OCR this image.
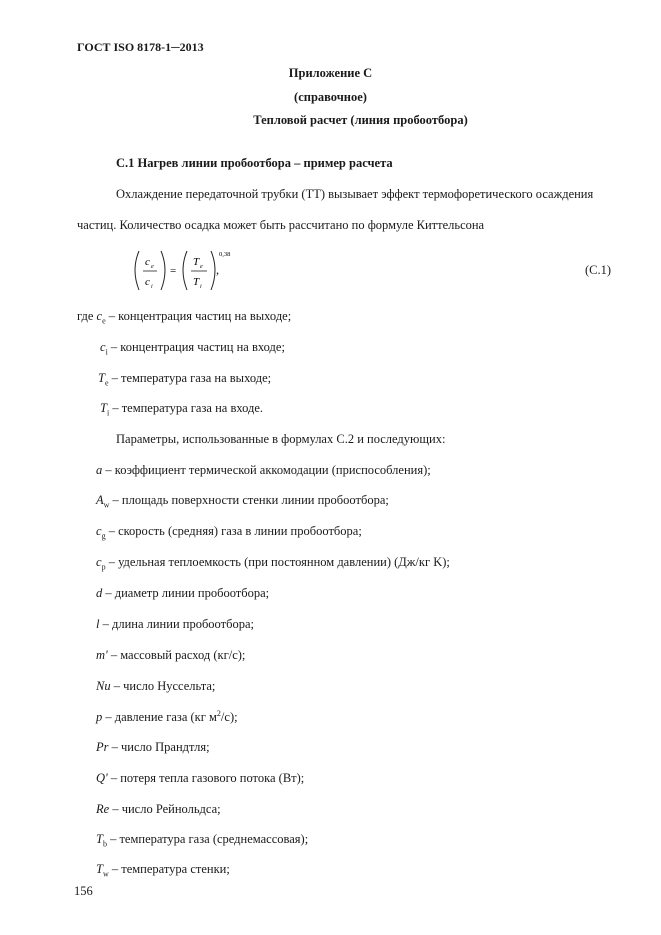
ГОСТ ISO 8178-1─2013
Приложение С
(справочное)
Тепловой расчет (линия пробоотбора)
С.1 Нагрев линии пробоотбора – пример расчета
Охлаждение передаточной трубки (ТТ) вызывает эффект термофоретического осаждения
частиц. Количество осадка может быть рассчитано по формуле Киттельсона
c e
c i
=
T e
T i
0,38
,	(С.1)
где $c_e$ – концентрация частиц на выходе;
$c_i$ – концентрация частиц на входе;
$T_e$ – температура газа на выходе;
$T_i$ – температура газа на входе.
Параметры, использованные в формулах С.2 и последующих:
a – коэффициент термической аккомодации (приспособления);
$A_w$ – площадь поверхности стенки линии пробоотбора;
$c_g$ – скорость (средняя) газа в линии пробоотбора;
$c_p$ – удельная теплоемкость (при постоянном давлении) (Дж/кг K);
d – диаметр линии пробоотбора;
l – длина линии пробоотбора;
m' – массовый расход (кг/с);
Nu – число Нуссельта;
p – давление газа (кг $м^2/с$);
Pr – число Прандтля;
Q' – потеря тепла газового потока (Вт);
Re – число Рейнольдса;
$T_b$ – температура газа (среднемассовая);
$T_w$ – температура стенки;
156
